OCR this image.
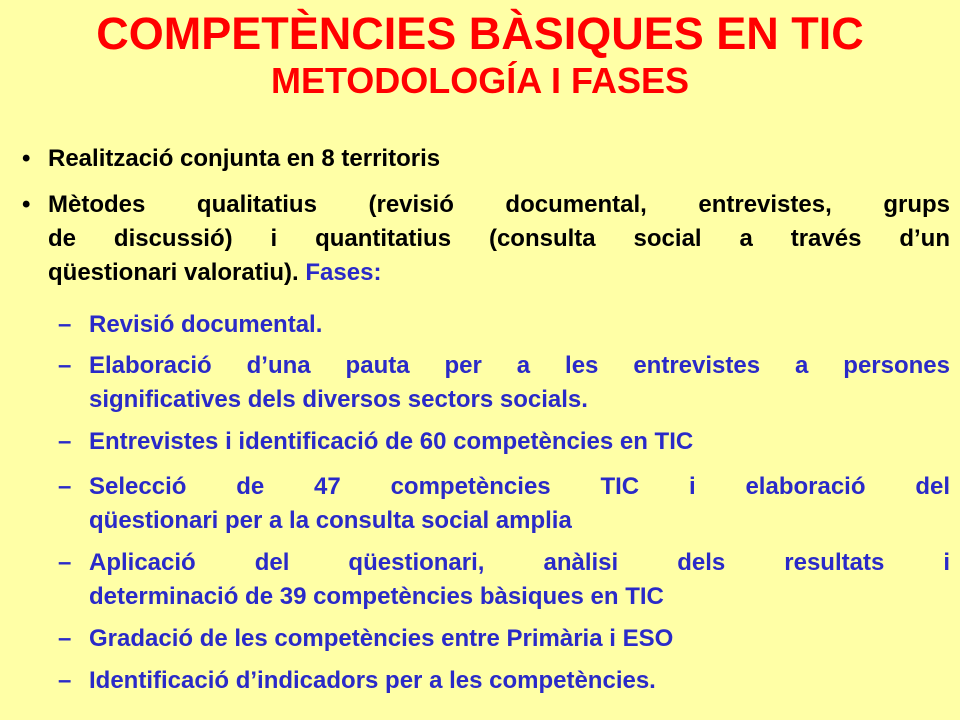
COMPETÈNCIES BÀSIQUES EN TIC
METODOLOGÍA I FASES
• Realització conjunta en 8 territoris
• Mètodes qualitatius (revisió documental, entrevistes, grups
de discussió) i quantitatius (consulta social a través d’un
qüestionari valoratiu). Fases:
– Revisió documental.
– Elaboració d’una pauta per a les entrevistes a persones
significatives dels diversos sectors socials.
– Entrevistes i identificació de 60 competències en TIC
– Selecció de 47 competències TIC i elaboració del
qüestionari per a la consulta social amplia
– Aplicació del qüestionari, anàlisi dels resultats i
determinació de 39 competències bàsiques en TIC
– Gradació de les competències entre Primària i ESO
– Identificació d’indicadors per a les competències.
